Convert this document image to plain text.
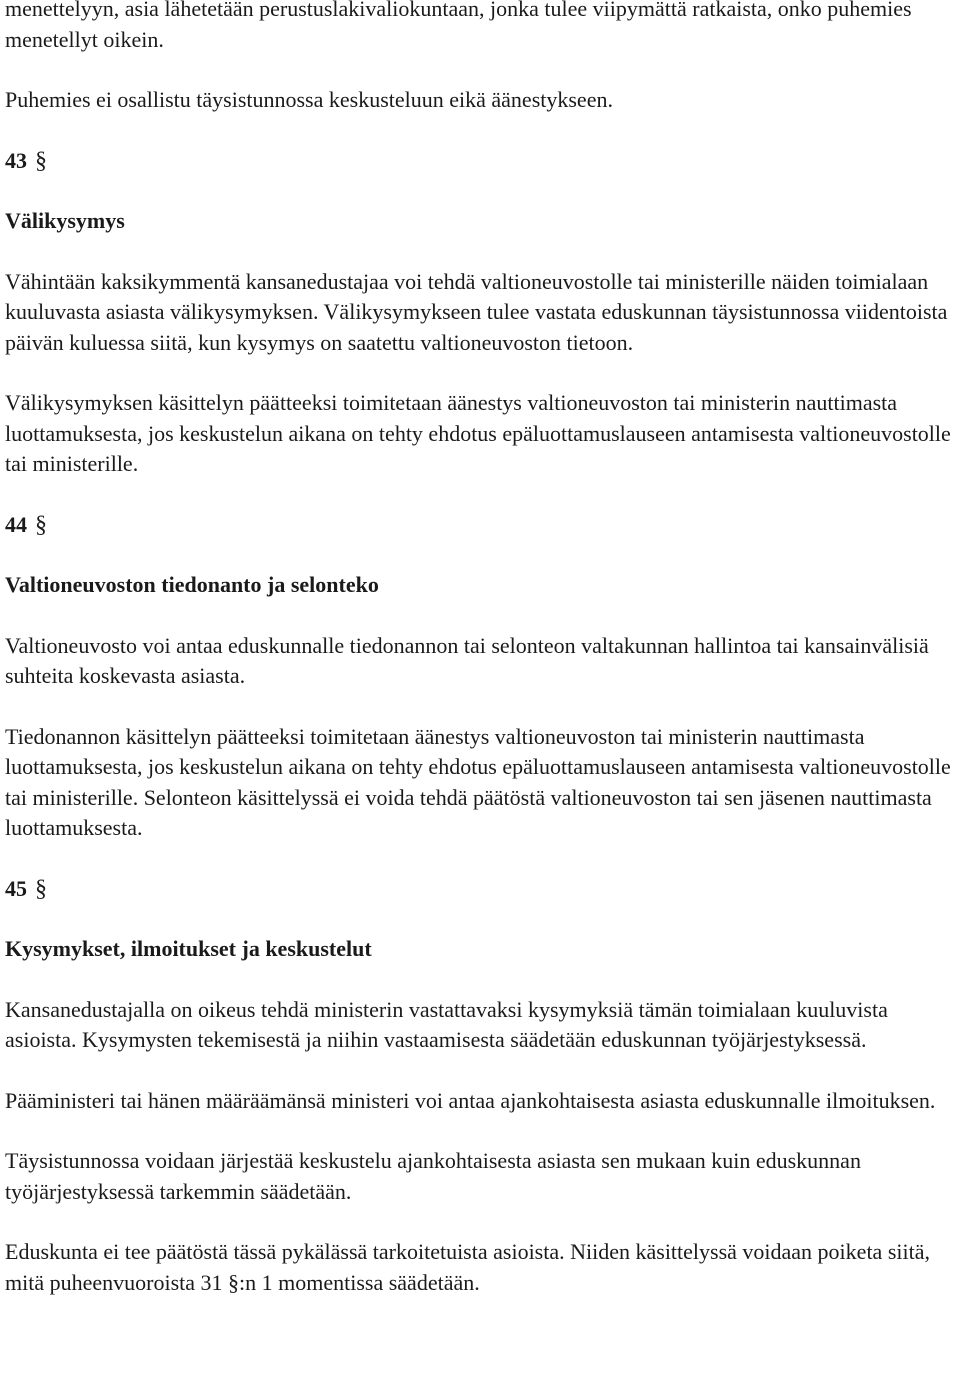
menettelyyn, asia lähetetään perustuslakivaliokuntaan, jonka tulee viipymättä ratkaista, onko puhemies menetellyt oikein.

Puhemies ei osallistu täysistunnossa keskusteluun eikä äänestykseen.

43 §

Välikysymys

Vähintään kaksikymmentä kansanedustajaa voi tehdä valtioneuvostolle tai ministerille näiden toimialaan kuuluvasta asiasta välikysymyksen. Välikysymykseen tulee vastata eduskunnan täysistunnossa viidentoista päivän kuluessa siitä, kun kysymys on saatettu valtioneuvoston tietoon.

Välikysymyksen käsittelyn päätteeksi toimitetaan äänestys valtioneuvoston tai ministerin nauttimasta luottamuksesta, jos keskustelun aikana on tehty ehdotus epäluottamuslauseen antamisesta valtioneuvostolle tai ministerille.

44 §

Valtioneuvoston tiedonanto ja selonteko

Valtioneuvosto voi antaa eduskunnalle tiedonannon tai selonteon valtakunnan hallintoa tai kansainvälisiä suhteita koskevasta asiasta.

Tiedonannon käsittelyn päätteeksi toimitetaan äänestys valtioneuvoston tai ministerin nauttimasta luottamuksesta, jos keskustelun aikana on tehty ehdotus epäluottamuslauseen antamisesta valtioneuvostolle tai ministerille. Selonteon käsittelyssä ei voida tehdä päätöstä valtioneuvoston tai sen jäsenen nauttimasta luottamuksesta.

45 §

Kysymykset, ilmoitukset ja keskustelut

Kansanedustajalla on oikeus tehdä ministerin vastattavaksi kysymyksiä tämän toimialaan kuuluvista asioista. Kysymysten tekemisestä ja niihin vastaamisesta säädetään eduskunnan työjärjestyksessä.

Pääministeri tai hänen määräämänsä ministeri voi antaa ajankohtaisesta asiasta eduskunnalle ilmoituksen.

Täysistunnossa voidaan järjestää keskustelu ajankohtaisesta asiasta sen mukaan kuin eduskunnan työjärjestyksessä tarkemmin säädetään.

Eduskunta ei tee päätöstä tässä pykälässä tarkoitetuista asioista. Niiden käsittelyssä voidaan poiketa siitä, mitä puheenvuoroista 31 §:n 1 momentissa säädetään.
